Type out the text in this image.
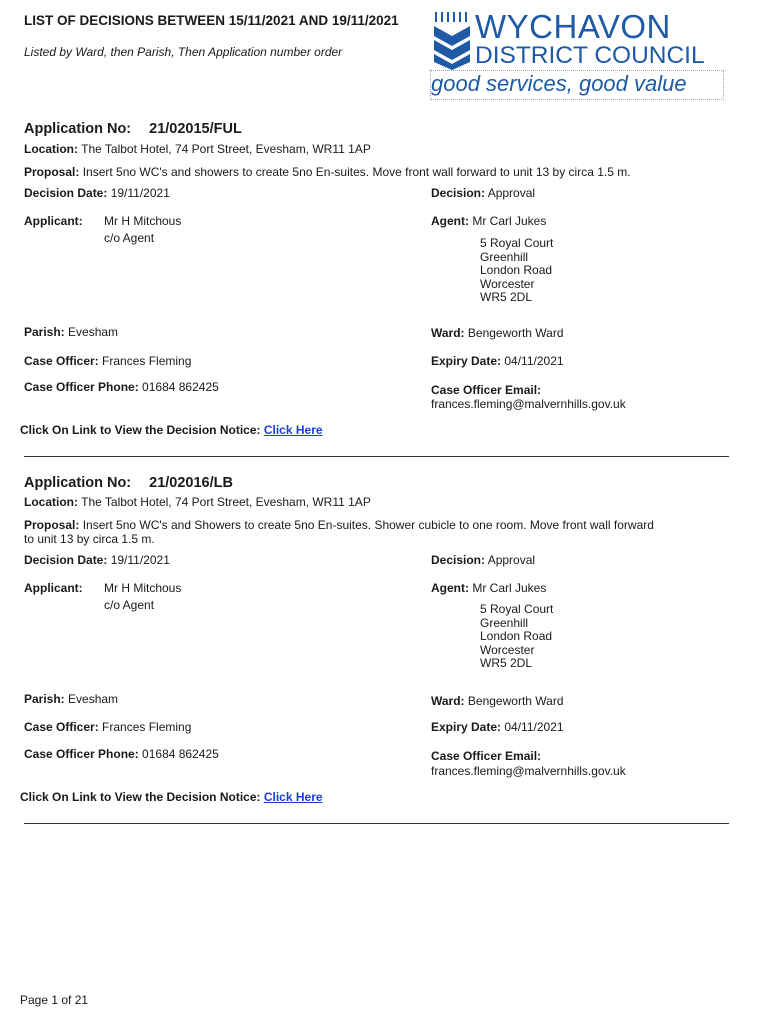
LIST OF DECISIONS BETWEEN 15/11/2021 AND 19/11/2021
Listed by Ward, then Parish, Then Application number order
WYCHAVON
DISTRICT COUNCIL
good services, good value
Application No: 21/02015/FUL
Location: The Talbot Hotel, 74 Port Street, Evesham, WR11 1AP
Proposal: Insert 5no WC's and showers to create 5no En-suites. Move front wall forward to unit 13 by circa 1.5 m.
Decision Date: 19/11/2021	Decision: Approval
Applicant: Mr H Mitchous
c/o Agent
Agent: Mr Carl Jukes
5 Royal Court
Greenhill
London Road
Worcester
WR5 2DL
Parish: Evesham	Ward: Bengeworth Ward
Case Officer: Frances Fleming	Expiry Date: 04/11/2021
Case Officer Phone: 01684 862425	Case Officer Email:
frances.fleming@malvernhills.gov.uk
Click On Link to View the Decision Notice: Click Here
Application No: 21/02016/LB
Location: The Talbot Hotel, 74 Port Street, Evesham, WR11 1AP
Proposal: Insert 5no WC's and Showers to create 5no En-suites. Shower cubicle to one room. Move front wall forward
to unit 13 by circa 1.5 m.
Decision Date: 19/11/2021	Decision: Approval
Applicant: Mr H Mitchous
c/o Agent
Agent: Mr Carl Jukes
5 Royal Court
Greenhill
London Road
Worcester
WR5 2DL
Parish: Evesham	Ward: Bengeworth Ward
Case Officer: Frances Fleming	Expiry Date: 04/11/2021
Case Officer Phone: 01684 862425	Case Officer Email:
frances.fleming@malvernhills.gov.uk
Click On Link to View the Decision Notice: Click Here
Page 1 of 21
